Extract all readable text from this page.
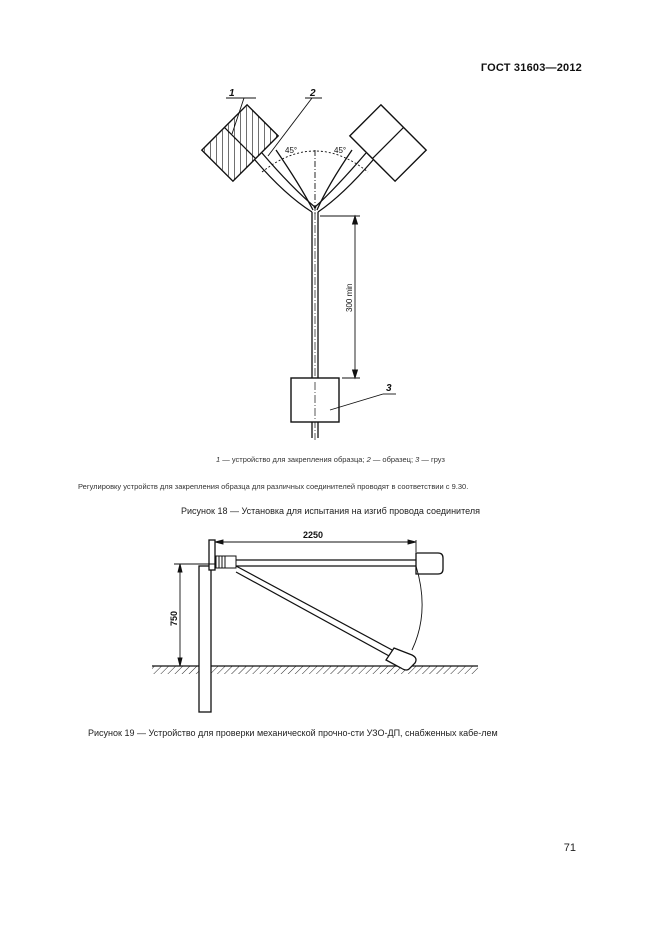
ГОСТ 31603—2012
45°	45°
300 min
1	2
3
1 — устройство для закрепления образца; 2 — образец; 3 — груз
Регулировку устройств для закрепления образца для различных соединителей проводят в соответствии с 9.30.
Рисунок 18 — Установка для испытания на изгиб провода соединителя
2250
750
Рисунок 19 — Устройство для проверки механической прочно-сти УЗО-ДП, снабженных кабе-лем
71
